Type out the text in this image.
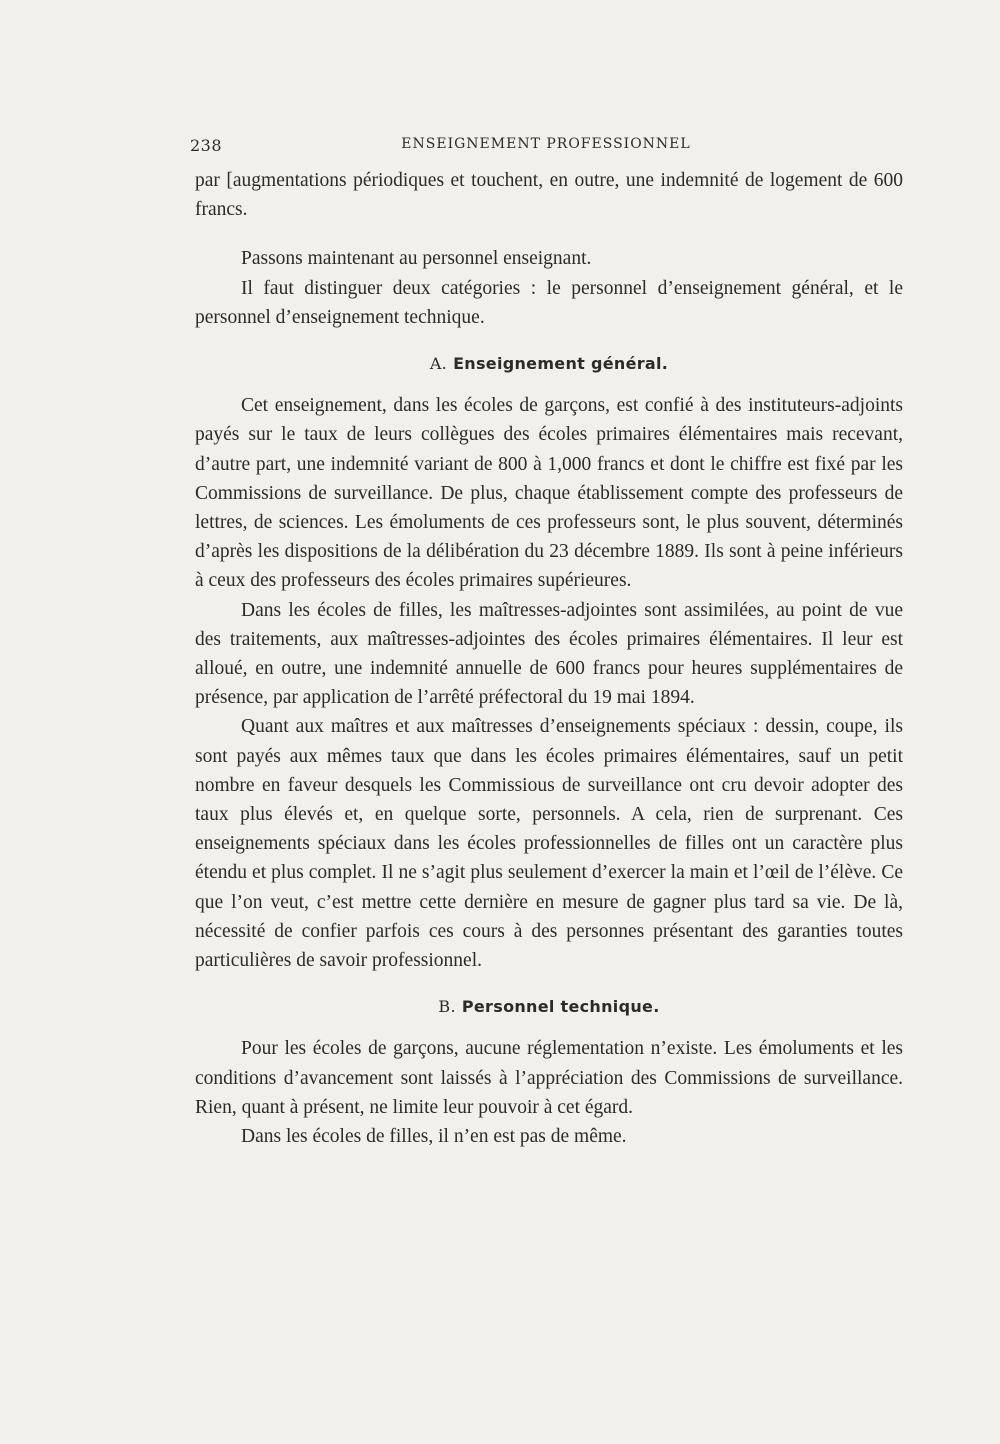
238	ENSEIGNEMENT PROFESSIONNEL

par [augmentations périodiques et touchent, en outre, une indemnité de logement de 600 francs.

Passons maintenant au personnel enseignant.

Il faut distinguer deux catégories : le personnel d’enseignement général, et le personnel d’enseignement technique.

A. Enseignement général.

Cet enseignement, dans les écoles de garçons, est confié à des instituteurs-adjoints payés sur le taux de leurs collègues des écoles primaires élémentaires mais recevant, d’autre part, une indemnité variant de 800 à 1,000 francs et dont le chiffre est fixé par les Commissions de surveillance. De plus, chaque établissement compte des professeurs de lettres, de sciences. Les émoluments de ces professeurs sont, le plus souvent, déterminés d’après les dispositions de la délibération du 23 décembre 1889. Ils sont à peine inférieurs à ceux des professeurs des écoles primaires supérieures.

Dans les écoles de filles, les maîtresses-adjointes sont assimilées, au point de vue des traitements, aux maîtresses-adjointes des écoles primaires élémentaires. Il leur est alloué, en outre, une indemnité annuelle de 600 francs pour heures supplémentaires de présence, par application de l’arrêté préfectoral du 19 mai 1894.

Quant aux maîtres et aux maîtresses d’enseignements spéciaux : dessin, coupe, ils sont payés aux mêmes taux que dans les écoles primaires élémentaires, sauf un petit nombre en faveur desquels les Commissious de surveillance ont cru devoir adopter des taux plus élevés et, en quelque sorte, personnels. A cela, rien de surprenant. Ces enseignements spéciaux dans les écoles professionnelles de filles ont un caractère plus étendu et plus complet. Il ne s’agit plus seulement d’exercer la main et l’œil de l’élève. Ce que l’on veut, c’est mettre cette dernière en mesure de gagner plus tard sa vie. De là, nécessité de confier parfois ces cours à des personnes présentant des garanties toutes particulières de savoir professionnel.

B. Personnel technique.

Pour les écoles de garçons, aucune réglementation n’existe. Les émoluments et les conditions d’avancement sont laissés à l’appréciation des Commissions de surveillance. Rien, quant à présent, ne limite leur pouvoir à cet égard.

Dans les écoles de filles, il n’en est pas de même.
